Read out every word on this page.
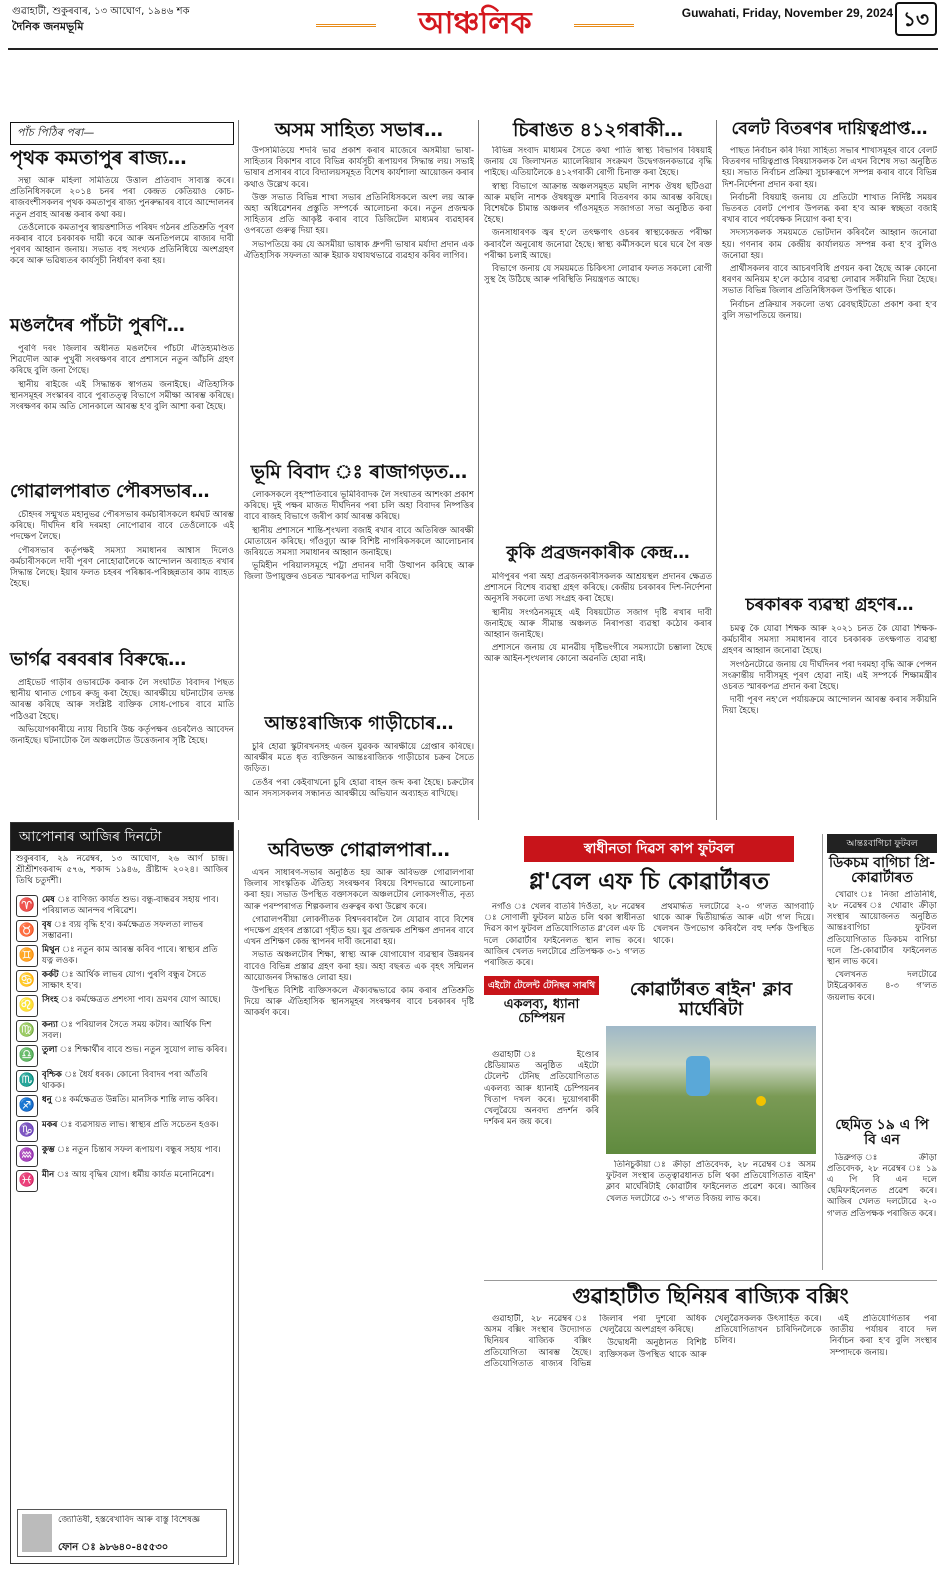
গুৱাহাটী, শুকুৰবাৰ, ১৩ আঘোণ, ১৯৪৬ শক
দৈনিক জনমভূমি	আঞ্চলিক	Guwahati, Friday, November 29, 2024 ১৩
পাঁচ পিঠিৰ পৰা—
পৃথক কমতাপুৰ ৰাজ্য…

সন্থা আৰু মহিলা সমিতিয়ে উত্তাল প্ৰতিবাদ সাব্যস্ত কৰে। প্ৰতিনিধিসকলে ২০১৪ চনৰ পৰা কেন্দ্ৰত কেতিয়াও কোচ-ৰাজবংশীসকলৰ পৃথক কমতাপুৰ ৰাজ্য পুনৰুদ্ধাৰৰ বাবে আন্দোলনৰ নতুন প্ৰবাহ আৰম্ভ কৰাৰ কথা কয়।

তেওঁলোকে কমতাপুৰ স্বায়ত্তশাসিত পৰিষদ গঠনৰ প্ৰতিশ্ৰুতি পূৰণ নকৰাৰ বাবে চৰকাৰক দায়ী কৰে আৰু অনতিপলমে ৰাজ্যৰ দাবী পূৰণৰ আহ্বান জনায়। সভাত বহু সংখ্যক প্ৰতিনিধিয়ে অংশগ্ৰহণ কৰে আৰু ভৱিষ্যতৰ কাৰ্যসূচী নিৰ্ধাৰণ কৰা হয়।

মঙলদৈৰ পাঁচটা পুৰণি…

পুৰণি দৰং জিলাৰ অধীনত মঙলদৈৰ পাঁচটা ঐতিহ্যমণ্ডিত শিৱদৌল আৰু পুখুৰী সংৰক্ষণৰ বাবে প্ৰশাসনে নতুন আঁচনি গ্ৰহণ কৰিছে বুলি জনা গৈছে।

স্থানীয় ৰাইজে এই সিদ্ধান্তক স্বাগতম জনাইছে। ঐতিহাসিক স্থানসমূহৰ সংস্কাৰৰ বাবে পুৰাতত্ত্ব বিভাগে সমীক্ষা আৰম্ভ কৰিছে। সংৰক্ষণৰ কাম অতি সোনকালে আৰম্ভ হ'ব বুলি আশা কৰা হৈছে।

গোৱালপাৰাত পৌৰসভাৰ…

চৌহদৰ সন্মুখত মহানুভৱ পৌৰসভাৰ কৰ্মচাৰীসকলে ধৰ্মঘট আৰম্ভ কৰিছে। দীৰ্ঘদিন ধৰি দৰমহা নোপোৱাৰ বাবে তেওঁলোকে এই পদক্ষেপ লৈছে।

পৌৰসভাৰ কৰ্তৃপক্ষই সমস্যা সমাধানৰ আশ্বাস দিলেও কৰ্মচাৰীসকলে দাবী পূৰণ নোহোৱালৈকে আন্দোলন অব্যাহত ৰখাৰ সিদ্ধান্ত লৈছে। ইয়াৰ ফলত চহৰৰ পৰিষ্কাৰ-পৰিচ্ছন্নতাৰ কাম ব্যাহত হৈছে।

ভাৰ্গৱ বৰবৰাৰ বিৰুদ্ধে…

প্ৰাইভেট গাড়ীৰ ওভাৰটেক কৰাক লৈ সংঘটিত বিবাদৰ পিছত স্থানীয় থানাত গোচৰ ৰুজু কৰা হৈছে। আৰক্ষীয়ে ঘটনাটোৰ তদন্ত আৰম্ভ কৰিছে আৰু সংশ্লিষ্ট ব্যক্তিক সোধ-পোচৰ বাবে মাতি পঠিওৱা হৈছে।

অভিযোগকাৰীয়ে ন্যায় বিচাৰি উচ্চ কৰ্তৃপক্ষৰ ওচৰলৈও আবেদন জনাইছে। ঘটনাটোক লৈ অঞ্চলটোত উত্তেজনাৰ সৃষ্টি হৈছে।

আপোনাৰ আজিৰ দিনটো
শুকুৰবাৰ, ২৯ নৱেম্বৰ, ১৩ আঘোণ, ২৬ আৰ্ণ চান্দ্ৰ। শ্ৰীশ্ৰীশংকৰাব্দ ৫৭৬, শকাব্দ ১৯৪৬, খ্ৰীষ্টাব্দ ২০২৪। আজিৰ তিথি চতুৰ্দশী।
♈ মেষ ঃ বাণিজ্য কাৰ্যত শুভ। বন্ধু-বান্ধৱৰ সহায় পাব। পৰিয়ালত আনন্দৰ পৰিৱেশ।
♉ বৃষ ঃ ব্যয় বৃদ্ধি হ'ব। কৰ্মক্ষেত্ৰত সফলতা লাভৰ সম্ভাৱনা।
♊ মিথুন ঃ নতুন কাম আৰম্ভ কৰিব পাৰে। স্বাস্থ্যৰ প্ৰতি যত্ন লওক।
♋ কৰ্কট ঃ আৰ্থিক লাভৰ যোগ। পুৰণি বন্ধুৰ সৈতে সাক্ষাৎ হ'ব।
♌ সিংহ ঃ কৰ্মক্ষেত্ৰত প্ৰশংসা পাব। ভ্ৰমণৰ যোগ আছে।
♍ কন্যা ঃ পৰিয়ালৰ সৈতে সময় কটাব। আৰ্থিক দিশ সবল।
♎ তুলা ঃ শিক্ষাৰ্থীৰ বাবে শুভ। নতুন সুযোগ লাভ কৰিব।
♏ বৃশ্চিক ঃ ধৈৰ্য ধৰক। কোনো বিবাদৰ পৰা আঁতৰি থাকক।
♐ ধনু ঃ কৰ্মক্ষেত্ৰত উন্নতি। মানসিক শান্তি লাভ কৰিব।
♑ মকৰ ঃ ব্যৱসায়ত লাভ। স্বাস্থ্যৰ প্ৰতি সচেতন হওক।
♒ কুম্ভ ঃ নতুন চিন্তাৰ সফল ৰূপায়ণ। বন্ধুৰ সহায় পাব।
♓ মীন ঃ আয় বৃদ্ধিৰ যোগ। ধৰ্মীয় কাৰ্যত মনোনিৱেশ।
জ্যোতিষী, হস্তৰেখাবিদ আৰু বাস্তু বিশেষজ্ঞ
ফোন ঃ ৯৮৬৪০-৪৫৫৩০
অসম সাহিত্য সভাৰ…

উপসমিতিয়ে শদৰি ভাৱ প্ৰকাশ কৰাৰ মাজেৰে অসমীয়া ভাষা-সাহিত্যৰ বিকাশৰ বাবে বিভিন্ন কাৰ্যসূচী ৰূপায়ণৰ সিদ্ধান্ত লয়। সভাই ভাষাৰ প্ৰসাৰৰ বাবে বিদ্যালয়সমূহত বিশেষ কাৰ্যশালা আয়োজন কৰাৰ কথাও উল্লেখ কৰে।

উক্ত সভাত বিভিন্ন শাখা সভাৰ প্ৰতিনিধিসকলে অংশ লয় আৰু অহা অধিৱেশনৰ প্ৰস্তুতি সম্পৰ্কে আলোচনা কৰে। নতুন প্ৰজন্মক সাহিত্যৰ প্ৰতি আকৃষ্ট কৰাৰ বাবে ডিজিটেল মাধ্যমৰ ব্যৱহাৰৰ ওপৰতো গুৰুত্ব দিয়া হয়।

সভাপতিয়ে কয় যে অসমীয়া ভাষাক ধ্ৰুপদী ভাষাৰ মৰ্যাদা প্ৰদান এক ঐতিহাসিক সফলতা আৰু ইয়াক যথাযথভাৱে ব্যৱহাৰ কৰিব লাগিব।

ভূমি বিবাদ ঃ ৰাজাগড়ত…

লোকসকলে বৃহস্পতিবাৰে ভূমিবিবাদক লৈ সংঘাতৰ আশংকা প্ৰকাশ কৰিছে। দুই পক্ষৰ মাজত দীৰ্ঘদিনৰ পৰা চলি অহা বিবাদৰ নিষ্পত্তিৰ বাবে ৰাজহ বিভাগে জৰীপ কাৰ্য আৰম্ভ কৰিছে।

স্থানীয় প্ৰশাসনে শান্তি-শৃংখলা বজাই ৰখাৰ বাবে অতিৰিক্ত আৰক্ষী মোতায়েন কৰিছে। গাঁওবুঢ়া আৰু বিশিষ্ট নাগৰিকসকলে আলোচনাৰ জৰিয়তে সমস্যা সমাধানৰ আহ্বান জনাইছে।

ভূমিহীন পৰিয়ালসমূহে পট্টা প্ৰদানৰ দাবী উত্থাপন কৰিছে আৰু জিলা উপায়ুক্তৰ ওচৰত স্মাৰকপত্ৰ দাখিল কৰিছে।

আন্তঃৰাজ্যিক গাড়ীচোৰ…

চুৰি হোৱা স্কুটাৰখনসহ এজন যুৱকক আৰক্ষীয়ে গ্ৰেপ্তাৰ কৰিছে। আৰক্ষীৰ মতে ধৃত ব্যক্তিজন আন্তঃৰাজ্যিক গাড়ীচোৰ চক্ৰৰ সৈতে জড়িত।

তেওঁৰ পৰা কেইবাখনো চুৰি হোৱা বাহন জব্দ কৰা হৈছে। চক্ৰটোৰ আন সদস্যসকলৰ সন্ধানত আৰক্ষীয়ে অভিযান অব্যাহত ৰাখিছে।

অবিভক্ত গোৱালপাৰা…

এখন সাধাৰণ-সভাৰ অনুষ্ঠিত হয় আৰু অবিভক্ত গোৱালপাৰা জিলাৰ সাংস্কৃতিক ঐতিহ্য সংৰক্ষণৰ বিষয়ে বিশদভাৱে আলোচনা কৰা হয়। সভাত উপস্থিত বক্তাসকলে অঞ্চলটোৰ লোকসংগীত, নৃত্য আৰু পৰম্পৰাগত শিল্পকলাৰ গুৰুত্বৰ কথা উল্লেখ কৰে।

গোৱালপৰীয়া লোকগীতক বিশ্বদৰবাৰলৈ লৈ যোৱাৰ বাবে বিশেষ পদক্ষেপ গ্ৰহণৰ প্ৰস্তাৱো গৃহীত হয়। যুৱ প্ৰজন্মক প্ৰশিক্ষণ প্ৰদানৰ বাবে এখন প্ৰশিক্ষণ কেন্দ্ৰ স্থাপনৰ দাবী জনোৱা হয়।

সভাত অঞ্চলটোৰ শিক্ষা, স্বাস্থ্য আৰু যোগাযোগ ব্যৱস্থাৰ উন্নয়নৰ বাবেও বিভিন্ন প্ৰস্তাৱ গ্ৰহণ কৰা হয়। অহা বছৰত এক বৃহৎ সন্মিলন আয়োজনৰ সিদ্ধান্তও লোৱা হয়।

উপস্থিত বিশিষ্ট ব্যক্তিসকলে ঐক্যবদ্ধভাৱে কাম কৰাৰ প্ৰতিশ্ৰুতি দিয়ে আৰু ঐতিহাসিক স্থানসমূহৰ সংৰক্ষণৰ বাবে চৰকাৰৰ দৃষ্টি আকৰ্ষণ কৰে।

চিৰাঙত ৪১২গৰাকী…

বিভিন্ন সংবাদ মাধ্যমৰ সৈতে কথা পাতি স্বাস্থ্য বিভাগৰ বিষয়াই জনায় যে জিলাখনত ম্যালেৰিয়াৰ সংক্ৰমণ উদ্বেগজনকভাৱে বৃদ্ধি পাইছে। এতিয়ালৈকে ৪১২গৰাকী ৰোগী চিনাক্ত কৰা হৈছে।

স্বাস্থ্য বিভাগে আক্ৰান্ত অঞ্চলসমূহত মছলি নাশক ঔষধ ছটিওৱা আৰু মছলি নাশক ঔষধযুক্ত মশাৰি বিতৰণৰ কাম আৰম্ভ কৰিছে। বিশেষকৈ চীমান্ত অঞ্চলৰ গাঁওসমূহত সজাগতা সভা অনুষ্ঠিত কৰা হৈছে।

জনসাধাৰণক জ্বৰ হ'লে তৎক্ষণাৎ ওচৰৰ স্বাস্থ্যকেন্দ্ৰত পৰীক্ষা কৰাবলৈ অনুৰোধ জনোৱা হৈছে। স্বাস্থ্য কৰ্মীসকলে ঘৰে ঘৰে গৈ ৰক্ত পৰীক্ষা চলাই আছে।

বিভাগে জনায় যে সময়মতে চিকিৎসা লোৱাৰ ফলত সকলো ৰোগী সুস্থ হৈ উঠিছে আৰু পৰিস্থিতি নিয়ন্ত্ৰণত আছে।

কুকি প্ৰব্ৰজনকাৰীক কেন্দ্ৰ…

মণিপুৰৰ পৰা অহা প্ৰব্ৰজনকাৰীসকলক আশ্ৰয়স্থল প্ৰদানৰ ক্ষেত্ৰত প্ৰশাসনে বিশেষ ব্যৱস্থা গ্ৰহণ কৰিছে। কেন্দ্ৰীয় চৰকাৰৰ দিশ-নিৰ্দেশনা অনুসৰি সকলো তথ্য সংগ্ৰহ কৰা হৈছে।

স্থানীয় সংগঠনসমূহে এই বিষয়টোত সজাগ দৃষ্টি ৰখাৰ দাবী জনাইছে আৰু সীমান্ত অঞ্চলত নিৰাপত্তা ব্যৱস্থা কঠোৰ কৰাৰ আহ্বান জনাইছে।

প্ৰশাসনে জনায় যে মানৱীয় দৃষ্টিভংগীৰে সমস্যাটো চম্ভালা হৈছে আৰু আইন-শৃংখলাৰ কোনো অৱনতি হোৱা নাই।

বেলট বিতৰণৰ দায়িত্বপ্ৰাপ্ত…

পাছত নিৰ্বাচন কৰি দিয়া সাহিত্য সভাৰ শাখাসমূহৰ বাবে বেলট বিতৰণৰ দায়িত্বপ্ৰাপ্ত বিষয়াসকলক লৈ এখন বিশেষ সভা অনুষ্ঠিত হয়। সভাত নিৰ্বাচন প্ৰক্ৰিয়া সুচাৰুৰূপে সম্পন্ন কৰাৰ বাবে বিভিন্ন দিশ-নিৰ্দেশনা প্ৰদান কৰা হয়।

নিৰ্বাচনী বিষয়াই জনায় যে প্ৰতিটো শাখাত নিৰ্দিষ্ট সময়ৰ ভিতৰত বেলট পেপাৰ উপলব্ধ কৰা হ'ব আৰু স্বচ্ছতা বজাই ৰখাৰ বাবে পৰ্যবেক্ষক নিয়োগ কৰা হ'ব।

সদস্যসকলক সময়মতে ভোটদান কৰিবলৈ আহ্বান জনোৱা হয়। গণনাৰ কাম কেন্দ্ৰীয় কাৰ্যালয়ত সম্পন্ন কৰা হ'ব বুলিও জনোৱা হয়।

প্ৰাৰ্থীসকলৰ বাবে আচৰণবিধি প্ৰণয়ন কৰা হৈছে আৰু কোনো ধৰণৰ অনিয়ম হ'লে কঠোৰ ব্যৱস্থা লোৱাৰ সকীয়নি দিয়া হৈছে। সভাত বিভিন্ন জিলাৰ প্ৰতিনিধিসকল উপস্থিত থাকে।

নিৰ্বাচন প্ৰক্ৰিয়াৰ সকলো তথ্য ৱেবছাইটতো প্ৰকাশ কৰা হ'ব বুলি সভাপতিয়ে জনায়।

চৰকাৰক ব্যৱস্থা গ্ৰহণৰ…

চমত্ব কৈ যোৱা শিক্ষক আৰু ২০২১ চনত কৈ যোৱা শিক্ষক-কৰ্মচাৰীৰ সমস্যা সমাধানৰ বাবে চৰকাৰক তৎক্ষণাত ব্যৱস্থা গ্ৰহণৰ আহ্বান জনোৱা হৈছে।

সংগঠনটোৱে জনায় যে দীৰ্ঘদিনৰ পৰা দৰমহা বৃদ্ধি আৰু পেন্সন সংক্ৰান্তীয় দাবীসমূহ পূৰণ হোৱা নাই। এই সম্পৰ্কে শিক্ষামন্ত্ৰীৰ ওচৰত স্মাৰকপত্ৰ প্ৰদান কৰা হৈছে।

দাবী পূৰণ নহ'লে পৰ্যায়ক্ৰমে আন্দোলন আৰম্ভ কৰাৰ সকীয়নি দিয়া হৈছে।

স্বাধীনতা দিৱস কাপ ফুটবল
গ্ল'বেল এফ চি কোৱাৰ্টাৰত

নগাঁও ঃ খেলৰ বাতৰি দিওঁতা, ২৮ নৱেম্বৰ ঃ সোণালী ফুটবল মাঠত চলি থকা স্বাধীনতা দিৱস কাপ ফুটবল প্ৰতিযোগিতাত গ্ল'বেল এফ চি দলে কোৱাৰ্টাৰ ফাইনেলত স্থান লাভ কৰে। আজিৰ খেলত দলটোৱে প্ৰতিপক্ষক ৩-১ গ'লত পৰাজিত কৰে।

প্ৰথমাৰ্দ্ধত দলটোৱে ২-০ গ'লত আগবাঢ়ি থাকে আৰু দ্বিতীয়াৰ্দ্ধত আৰু এটা গ'ল দিয়ে। খেলখন উপভোগ কৰিবলৈ বহু দৰ্শক উপস্থিত থাকে।

এইটো টেলেন্ট টেনিছৰ সাৰথি
একলব্য, ধ্যানা চেম্পিয়ন

গুৱাহাটী ঃ ইণ্ডোৰ ষ্টেডিয়ামত অনুষ্ঠিত এইটো টেলেন্ট টেনিছ প্ৰতিযোগিতাত একলব্য আৰু ধ্যানাই চেম্পিয়নৰ খিতাপ দখল কৰে। দুয়োগৰাকী খেলুৱৈয়ে অনবদ্য প্ৰদৰ্শন কৰি দৰ্শকৰ মন জয় কৰে।

কোৱাৰ্টাৰত ৰাইন' ক্লাব মাৰ্ঘেৰিটা

তিনিচুকীয়া ঃ ক্ৰীড়া প্ৰতিবেদক, ২৮ নৱেম্বৰ ঃ অসম ফুটবল সংস্থাৰ তত্ত্বাৱধানত চলি থকা প্ৰতিযোগিতাত ৰাইন' ক্লাব মাৰ্ঘেৰিটাই কোৱাৰ্টাৰ ফাইনেলত প্ৰৱেশ কৰে। আজিৰ খেলত দলটোৱে ৩-১ গ'লত বিজয় লাভ কৰে।

আন্তঃবাগিচা ফুটবল
ডিকচম বাগিচা প্ৰি-কোৱাৰ্টাৰত

খোৱাং ঃ নিজা প্ৰতিনিধি, ২৮ নৱেম্বৰ ঃ খোৱাং ক্ৰীড়া সংস্থাৰ আয়োজনত অনুষ্ঠিত আন্তঃবাগিচা ফুটবল প্ৰতিযোগিতাত ডিকচম বাগিচা দলে প্ৰি-কোৱাৰ্টাৰ ফাইনেলত স্থান লাভ কৰে।

খেলখনত দলটোৱে টাইব্ৰেকাৰত ৪-৩ গ'লত জয়লাভ কৰে।

ছেমিত ১৯ এ পি বি এন

ডিব্ৰুগড় ঃ ক্ৰীড়া প্ৰতিবেদক, ২৮ নৱেম্বৰ ঃ ১৯ এ পি বি এন দলে ছেমিফাইনেলত প্ৰৱেশ কৰে। আজিৰ খেলত দলটোৱে ২-০ গ'লত প্ৰতিপক্ষক পৰাজিত কৰে।

গুৱাহাটীত ছিনিয়ৰ ৰাজ্যিক বক্সিং

গুৱাহাটী, ২৮ নৱেম্বৰ ঃ অসম বক্সিং সংস্থাৰ উদ্যোগত ছিনিয়ৰ ৰাজ্যিক বক্সিং প্ৰতিযোগিতা আৰম্ভ হৈছে। প্ৰতিযোগিতাত ৰাজ্যৰ বিভিন্ন জিলাৰ পৰা দুশৰো অধিক খেলুৱৈয়ে অংশগ্ৰহণ কৰিছে।

উদ্বোধনী অনুষ্ঠানত বিশিষ্ট ব্যক্তিসকল উপস্থিত থাকে আৰু খেলুৱৈসকলক উৎসাহিত কৰে। প্ৰতিযোগিতাখন চাৰিদিনলৈকে চলিব।

এই প্ৰতিযোগিতাৰ পৰা জাতীয় পৰ্যায়ৰ বাবে দল নিৰ্বাচন কৰা হ'ব বুলি সংস্থাৰ সম্পাদকে জনায়।
